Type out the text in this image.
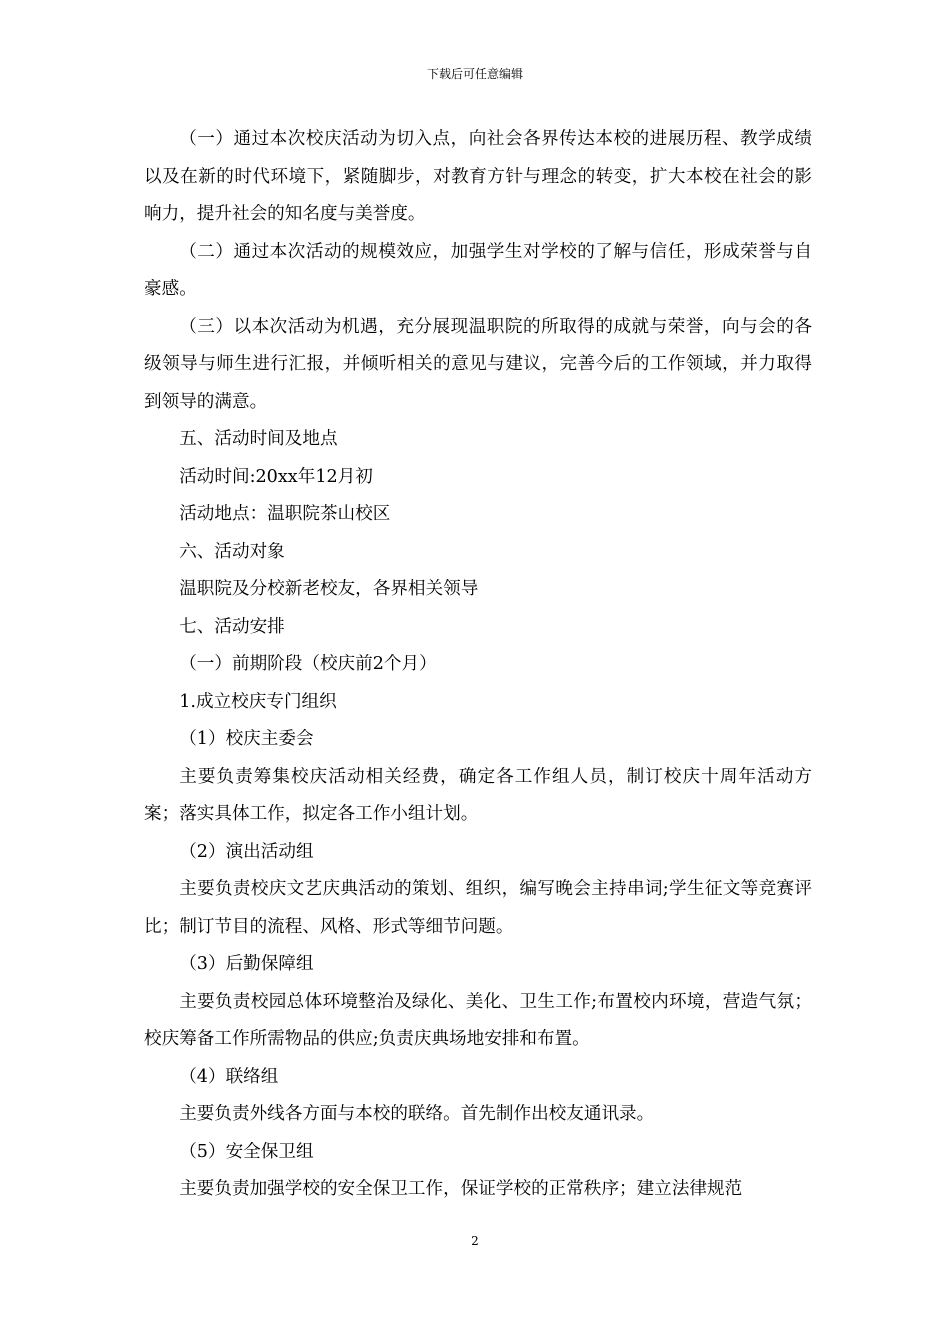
下载后可任意编辑

（一）通过本次校庆活动为切入点，向社会各界传达本校的进展历程、教学成绩以及在新的时代环境下，紧随脚步，对教育方针与理念的转变，扩大本校在社会的影响力，提升社会的知名度与美誉度。

（二）通过本次活动的规模效应，加强学生对学校的了解与信任，形成荣誉与自豪感。

（三）以本次活动为机遇，充分展现温职院的所取得的成就与荣誉，向与会的各级领导与师生进行汇报，并倾听相关的意见与建议，完善今后的工作领域，并力取得到领导的满意。

五、活动时间及地点

活动时间:20xx年12月初

活动地点：温职院茶山校区

六、活动对象

温职院及分校新老校友，各界相关领导

七、活动安排

（一）前期阶段（校庆前2个月）

1.成立校庆专门组织

（1）校庆主委会

主要负责筹集校庆活动相关经费，确定各工作组人员，制订校庆十周年活动方案；落实具体工作，拟定各工作小组计划。

（2）演出活动组

主要负责校庆文艺庆典活动的策划、组织，编写晚会主持串词;学生征文等竞赛评比；制订节目的流程、风格、形式等细节问题。

（3）后勤保障组

主要负责校园总体环境整治及绿化、美化、卫生工作;布置校内环境，营造气氛；校庆筹备工作所需物品的供应;负责庆典场地安排和布置。

（4）联络组

主要负责外线各方面与本校的联络。首先制作出校友通讯录。

（5）安全保卫组

主要负责加强学校的安全保卫工作，保证学校的正常秩序；建立法律规范

2
